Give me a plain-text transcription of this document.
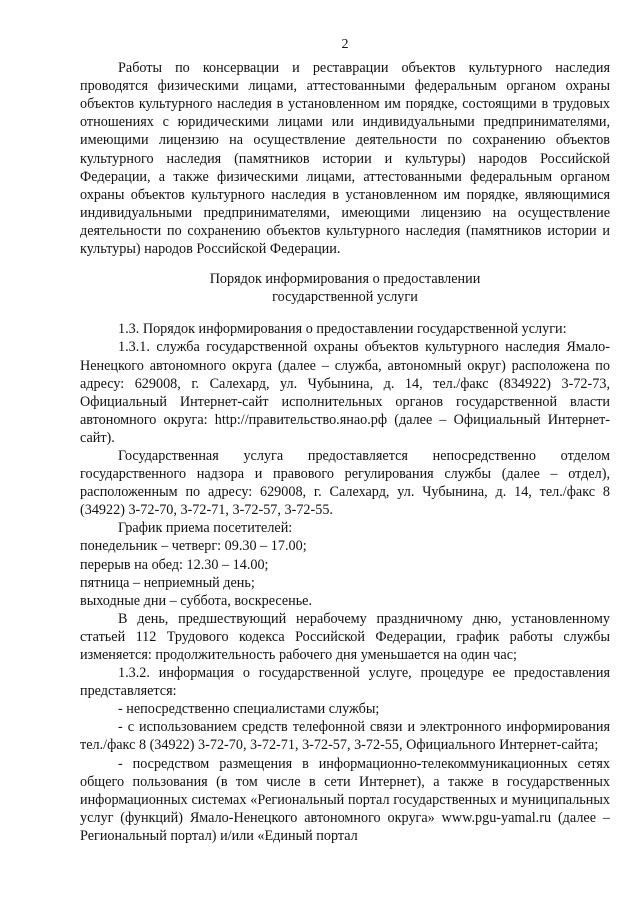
2

Работы по консервации и реставрации объектов культурного наследия проводятся физическими лицами, аттестованными федеральным органом охраны объектов культурного наследия в установленном им порядке, состоящими в трудовых отношениях с юридическими лицами или индивидуальными предпринимателями, имеющими лицензию на осуществление деятельности по сохранению объектов культурного наследия (памятников истории и культуры) народов Российской Федерации, а также физическими лицами, аттестованными федеральным органом охраны объектов культурного наследия в установленном им порядке, являющимися индивидуальными предпринимателями, имеющими лицензию на осуществление деятельности по сохранению объектов культурного наследия (памятников истории и культуры) народов Российской Федерации.

Порядок информирования о предоставлении
государственной услуги

1.3. Порядок информирования о предоставлении государственной услуги:

1.3.1. служба государственной охраны объектов культурного наследия Ямало-Ненецкого автономного округа (далее – служба, автономный округ) расположена по адресу: 629008, г. Салехард, ул. Чубынина, д. 14, тел./факс (834922) 3-72-73, Официальный Интернет-сайт исполнительных органов государственной власти автономного округа: http://правительство.янао.рф (далее – Официальный Интернет-сайт).

Государственная услуга предоставляется непосредственно отделом государственного надзора и правового регулирования службы (далее – отдел), расположенным по адресу: 629008, г. Салехард, ул. Чубынина, д. 14, тел./факс 8 (34922) 3-72-70, 3-72-71, 3-72-57, 3-72-55.

График приема посетителей:

понедельник – четверг: 09.30 – 17.00;

перерыв на обед: 12.30 – 14.00;

пятница – неприемный день;

выходные дни – суббота, воскресенье.

В день, предшествующий нерабочему праздничному дню, установленному статьей 112 Трудового кодекса Российской Федерации, график работы службы изменяется: продолжительность рабочего дня уменьшается на один час;

1.3.2. информация о государственной услуге, процедуре ее предоставления представляется:

- непосредственно специалистами службы;

- с использованием средств телефонной связи и электронного информирования тел./факс 8 (34922) 3-72-70, 3-72-71, 3-72-57, 3-72-55, Официального Интернет-сайта;

- посредством размещения в информационно-телекоммуникационных сетях общего пользования (в том числе в сети Интернет), а также в государственных информационных системах «Региональный портал государственных и муниципальных услуг (функций) Ямало-Ненецкого автономного округа» www.pgu-yamal.ru (далее – Региональный портал) и/или «Единый портал
